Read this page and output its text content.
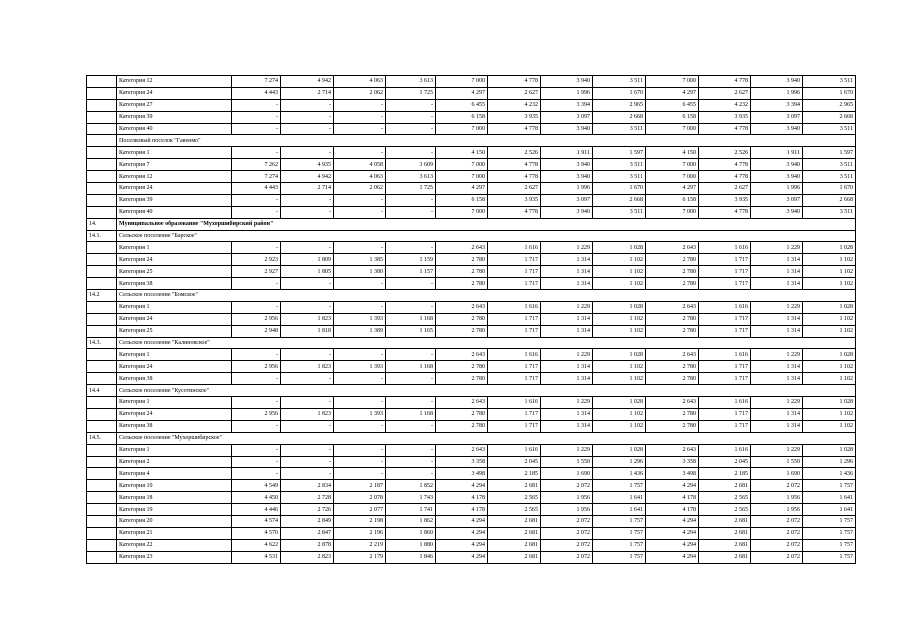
	Категория 12	7 274	4 942	4 063	3 613	7 000	4 778	3 940	3 511	7 000	4 778	3 940	3 511
	Категория 24	4 443	2 714	2 062	1 725	4 297	2 627	1 996	1 670	4 297	2 627	1 996	1 670
	Категория 27	-	-	-	-	6 455	4 232	3 394	2 965	6 455	4 232	3 394	2 965
	Категория 39	-	-	-	-	6 158	3 935	3 097	2 668	6 158	3 935	3 097	2 668
	Категория 40	-	-	-	-	7 000	4 778	3 940	3 511	7 000	4 778	3 940	3 511
	Поселковый поселок "Гавенмо"												
	Категория 1	-	-	-	-	4 150	2 526	1 911	1 597	4 150	2 526	1 911	1 597
	Категория 7	7 262	4 935	4 058	3 609	7 000	4 778	3 940	3 511	7 000	4 778	3 940	3 511
	Категория 12	7 274	4 942	4 063	3 613	7 000	4 778	3 940	3 511	7 000	4 778	3 940	3 511
	Категория 24	4 443	2 714	2 062	1 725	4 297	2 627	1 996	1 670	4 297	2 627	1 996	1 670
	Категория 39	-	-	-	-	6 158	3 935	3 097	2 668	6 158	3 935	3 097	2 668
	Категория 40	-	-	-	-	7 000	4 778	3 940	3 511	7 000	4 778	3 940	3 511
14.	Муниципальное образование "Мухоршибирский район"												
14.1.	Сельское поселение "Барское"												
	Категория 1	-	-	-	-	2 643	1 616	1 229	1 028	2 643	1 616	1 229	1 028
	Категория 24	2 923	1 809	1 385	1 159	2 780	1 717	1 314	1 102	2 780	1 717	1 314	1 102
	Категория 25	2 927	1 805	1 380	1 157	2 780	1 717	1 314	1 102	2 780	1 717	1 314	1 102
	Категория 38	-	-	-	-	2 780	1 717	1 314	1 102	2 780	1 717	1 314	1 102
14.2	Сельское поселение "Бомское"												
	Категория 1	-	-	-	-	2 643	1 616	1 229	1 028	2 643	1 616	1 229	1 028
	Категория 24	2 956	1 823	1 393	1 168	2 780	1 717	1 314	1 102	2 780	1 717	1 314	1 102
	Категория 25	2 948	1 818	1 389	1 165	2 780	1 717	1 314	1 102	2 780	1 717	1 314	1 102
14.3.	Сельское поселение "Калиновское"												
	Категория 1	-	-	-	-	2 643	1 616	1 229	1 028	2 643	1 616	1 229	1 028
	Категория 24	2 956	1 823	1 393	1 168	2 780	1 717	1 314	1 102	2 780	1 717	1 314	1 102
	Категория 38	-	-	-	-	2 780	1 717	1 314	1 102	2 780	1 717	1 314	1 102
14.4	Сельское поселение "Кусотинское"												
	Категория 1	-	-	-	-	2 643	1 616	1 229	1 028	2 643	1 616	1 229	1 028
	Категория 24	2 956	1 823	1 393	1 168	2 780	1 717	1 314	1 102	2 780	1 717	1 314	1 102
	Категория 38	-	-	-	-	2 780	1 717	1 314	1 102	2 780	1 717	1 314	1 102
14.5.	Сельское поселение "Мухоршибирское"												
	Категория 1	-	-	-	-	2 643	1 616	1 229	1 028	2 643	1 616	1 229	1 028
	Категория 2	-	-	-	-	3 358	2 045	1 550	1 296	3 358	2 045	1 550	1 296
	Категория 4	-	-	-	-	3 498	2 185	1 690	1 436	3 498	2 185	1 690	1 436
	Категория 10	4 549	2 834	2 187	1 852	4 294	2 681	2 072	1 757	4 294	2 681	2 072	1 757
	Категория 18	4 450	2 728	2 078	1 743	4 178	2 565	1 956	1 641	4 178	2 565	1 956	1 641
	Категория 19	4 446	2 726	2 077	1 741	4 178	2 565	1 956	1 641	4 178	2 565	1 956	1 641
	Категория 20	4 574	2 849	2 198	1 862	4 294	2 681	2 072	1 757	4 294	2 681	2 072	1 757
	Категория 21	4 570	2 847	2 196	1 860	4 294	2 681	2 072	1 757	4 294	2 681	2 072	1 757
	Категория 22	4 622	2 878	2 219	1 880	4 294	2 681	2 072	1 757	4 294	2 681	2 072	1 757
	Категория 23	4 531	2 823	2 179	1 846	4 294	2 681	2 072	1 757	4 294	2 681	2 072	1 757
